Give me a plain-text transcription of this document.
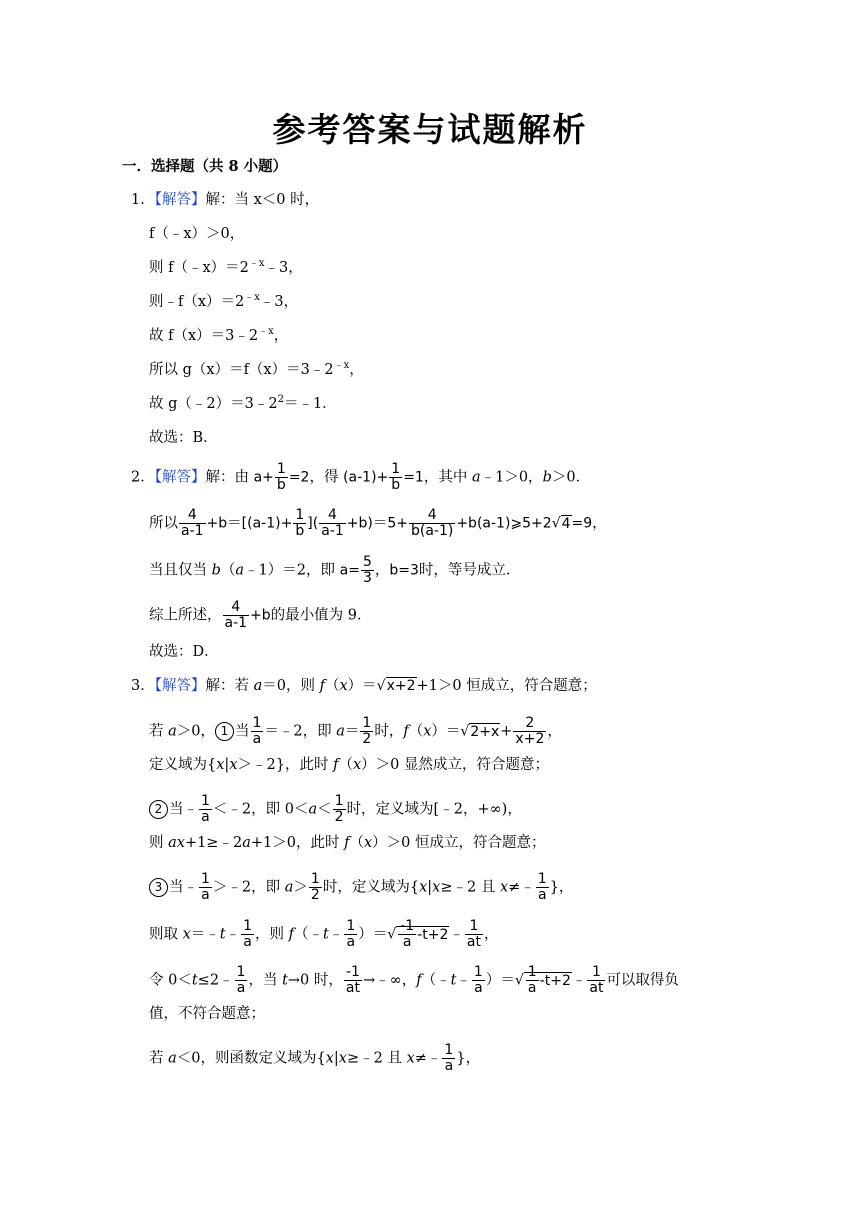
参考答案与试题解析
一．选择题（共 8 小题）
1．【解答】解：当 x＜0 时，
f（﹣x）＞0，
则 $f(﹣x)=2^{﹣x}﹣3$，
则$﹣f(x)=2^{﹣x}﹣3$，
故 $f(x)=3﹣2^{﹣x}$，
所以 $g(x)=f(x)=3﹣2^{﹣x}$，
故 $g(﹣2)=3﹣2^2=﹣1$．
故选：B．
2．【解答】解：由 $a+ \frac{1}{b} =2$，得 $(a-1)+ \frac{1}{b} =1$，其中 a﹣1＞0，b＞0．
所以 $\frac{4}{a-1} +b=[(a-1)+ \frac{1}{b}$ ]( $\frac{4}{a-1} +b)=5+ \frac{4}{b(a-1)}$ +b(a-1)⩾5+2√4=9，
当且仅当 b（a﹣1）＝2，即 $a= \frac{5}{3}$ ，b=3时，等号成立．
综上所述， $\frac{4}{a-1} +b$的最小值为 9．
故选：D．
3．【解答】解：若 a＝0，则 f（x）＝√x+2+1＞0 恒成立，符合题意；
若 a＞0， 1 当 $\frac{1}{a}$ ＝﹣2，即 $a= \frac{1}{2}$ 时，$f(x)=√2+x+ \frac{2}{x+2}$ ，
定义域为{x|x＞﹣2}，此时 f（x）＞0 显然成立，符合题意；
2 当﹣ $\frac{1}{a}$ ＜﹣2，即 $0<a< \frac{1}{2}$ 时，定义域为[﹣2，+∞)，
则 ax+1≥﹣2a+1＞0，此时 f（x）＞0 恒成立，符合题意；
3 当﹣ $\frac{1}{a}$ ＞﹣2，即 $a> \frac{1}{2}$ 时，定义域为{x|x≥﹣2 且 x≠﹣ $\frac{1}{a}$ }，
则取 x＝﹣t﹣ $\frac{1}{a}$ ，则 f（﹣t﹣ $\frac{1}{a}$ ）＝√ $\frac{-1}{a}$ -t+2﹣ $\frac{1}{at}$ ，
令 0＜t≤2﹣ $\frac{1}{a}$ ，当 t→0 时， $\frac{-1}{at}$ →﹣∞，f（﹣t﹣ $\frac{1}{a}$ ）＝√ $\frac{1}{a}$ -t+2﹣ $\frac{1}{at}$ 可以取得负
值，不符合题意；
若 a＜0，则函数定义域为{x|x≥﹣2 且 x≠﹣ $\frac{1}{a}$ }，
